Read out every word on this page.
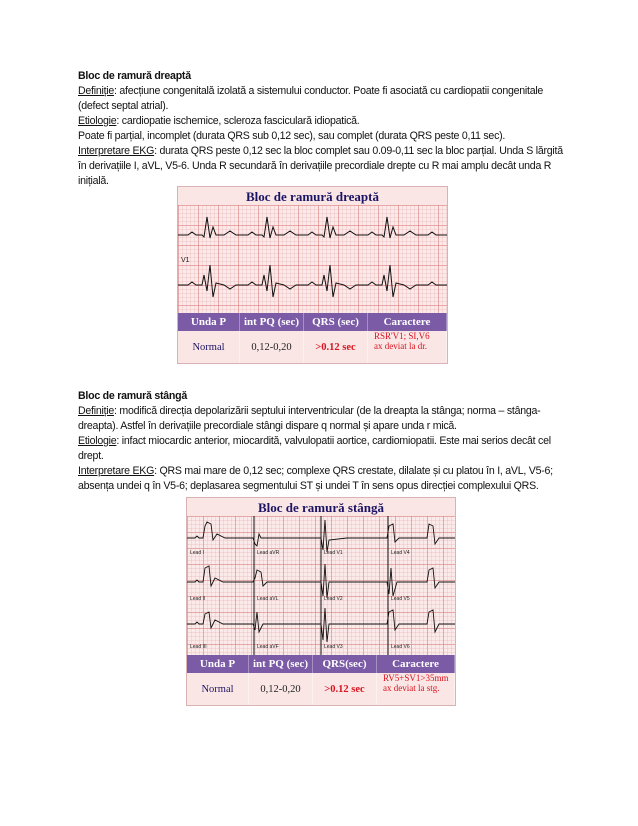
Bloc de ramură dreaptă
Definiție: afecțiune congenitală izolată a sistemului conductor. Poate fi asociată cu cardiopatii congenitale (defect septal atrial).
Etiologie: cardiopatie ischemice, scleroza fasciculară idiopatică.
Poate fi parțial, incomplet (durata QRS sub 0,12 sec), sau complet (durata QRS peste 0,11 sec).
Interpretare EKG: durata QRS peste 0,12 sec la bloc complet sau 0.09-0,11 sec la bloc parțial. Unda S lărgită în derivațiile I, aVL, V5-6. Unda R secundară în derivațiile precordiale drepte cu R mai amplu decât unda R inițială.
Bloc de ramură dreaptă
V1
Unda P	int PQ (sec)	QRS (sec)	Caractere
Normal	0,12-0,20	>0.12 sec
RSR'V1; SI,V6
ax deviat la dr.
Bloc de ramură stângă
Definiție: modifică direcția depolarizării septului interventricular (de la dreapta la stânga; norma – stânga-dreapta). Astfel în derivațiile precordiale stângi dispare q normal și apare unda r mică.
Etiologie: infact miocardic anterior, miocardită, valvulopatii aortice, cardiomiopatii. Este mai serios decât cel drept.
Interpretare EKG: QRS mai mare de 0,12 sec; complexe QRS crestate, dilalate și cu platou în I, aVL, V5-6; absența undei q în V5-6; deplasarea segmentului ST și undei T în sens opus direcției complexului QRS.
Bloc de ramură stângă
Lead I	Lead aVR	Lead V1	Lead V4
Lead II	Lead aVL	Lead V2	Lead V5
Lead III	Lead aVF	Lead V3	Lead V6
Unda P	int PQ (sec)	QRS(sec)	Caractere
Normal	0,12-0,20	>0.12 sec
RV5+SV1>35mm
ax deviat la stg.
